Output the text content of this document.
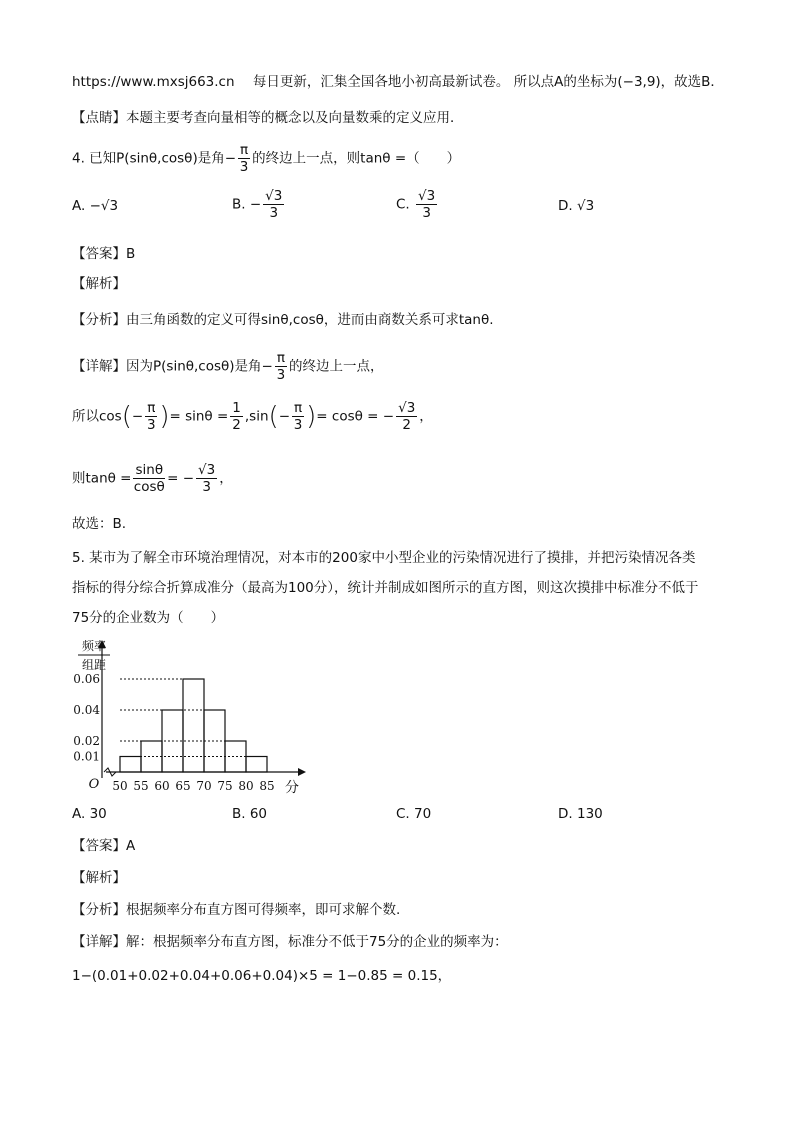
https://www.mxsj663.cn 每日更新，汇集全国各地小初高最新试卷。 所以点A的坐标为(−3,9)，故选B．
【点睛】本题主要考查向量相等的概念以及向量数乘的定义应用．
4. 已知P(sinθ,cosθ)是角− $\frac{\pi}{3}$ 的终边上一点，则tanθ =（　　）
A. −√3	B. − $\frac{√3}{3}$	C. $\frac{√3}{3}$	D. √3
【答案】B
【解析】
【分析】由三角函数的定义可得sinθ,cosθ，进而由商数关系可求tanθ.
【详解】因为P(sinθ,cosθ)是角− $\frac{\pi}{3}$ 的终边上一点，
所以$\cos(- \frac{\pi}{3}$ )= $\sin\theta = \frac{1}{2} ,\sin(- \frac{\pi}{3}$ )= cosθ = − $\frac{√3}{2}$ ，
则$\tan\theta = \frac{\sin\theta}{\cos\theta}$ = − $\frac{√3}{3}$ ，
故选：B.
5. 某市为了解全市环境治理情况，对本市的200家中小型企业的污染情况进行了摸排，并把污染情况各类
指标的得分综合折算成准分（最高为100分），统计并制成如图所示的直方图，则这次摸排中标准分不低于
75分的企业数为（　　）
0.06
0.04
0.02
0.01
50 55 60 65 70 75 80 85
O	分
频率
组距
A. 30	B. 60	C. 70	D. 130
【答案】A
【解析】
【分析】根据频率分布直方图可得频率，即可求解个数.
【详解】解：根据频率分布直方图，标准分不低于75分的企业的频率为：
1−(0.01+0.02+0.04+0.06+0.04)×5 = 1−0.85 = 0.15，
